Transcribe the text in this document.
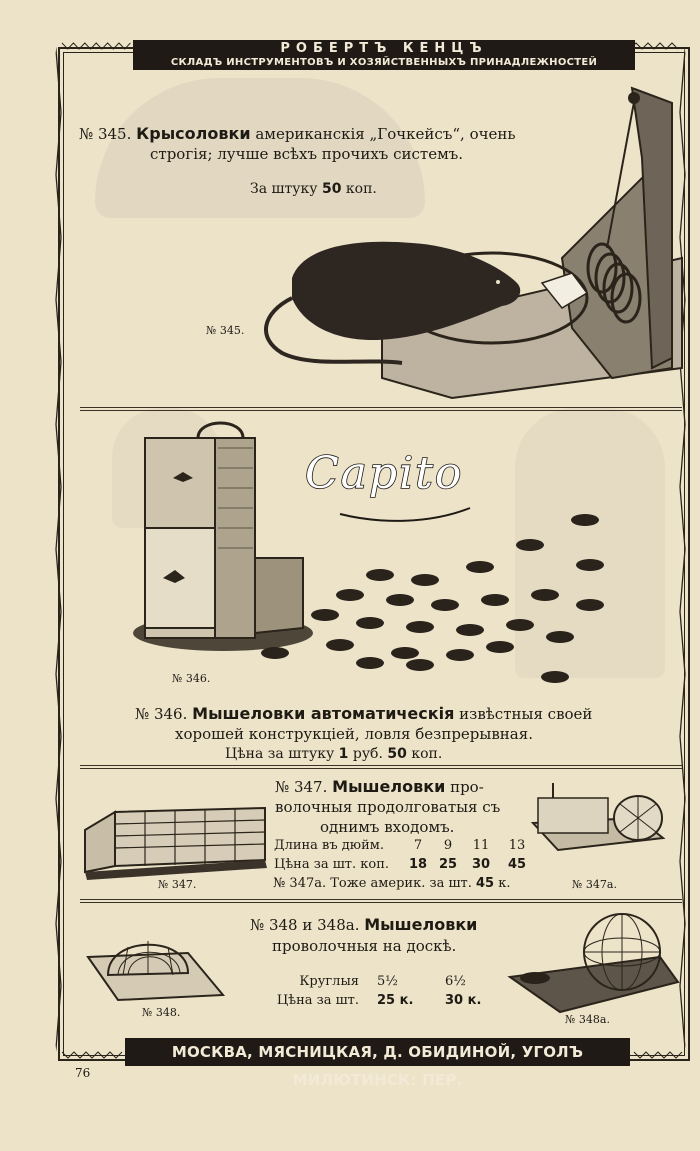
РОБЕРТЪ КЕНЦЪ
СКЛАДЪ ИНСТРУМЕНТОВЪ И ХОЗЯЙСТВЕННЫХЪ ПРИНАДЛЕЖНОСТЕЙ
№ 345. Крысоловки американскія „Гочкейсъ“, очень
строгія; лучше всѣхъ прочихъ системъ.
За штуку 50 коп.
№ 345.
Capito
№ 346.
№ 346. Мышеловки автоматическія извѣстныя своей
хорошей конструкціей, ловля безпрерывная.
Цѣна за штуку 1 руб. 50 коп.
№ 347.
№ 347. Мышеловки про-
волочныя продолговатыя съ
однимъ входомъ.
Длина въ дюйм.	7	9	11	13
Цѣна за шт. коп.	18	25	30	45
№ 347а. Тоже америк. за шт. 45 к.	№ 347а.
№ 348 и 348а. Мышеловки
проволочныя на доскѣ.
Круглыя	5½	6½
Цѣна за шт.	25 к.	30 к.
№ 348.
№ 348а.
МОСКВА, МЯСНИЦКАЯ, Д. ОБИДИНОЙ, УГОЛЪ МИЛЮТИНСК: ПЕР.
76
